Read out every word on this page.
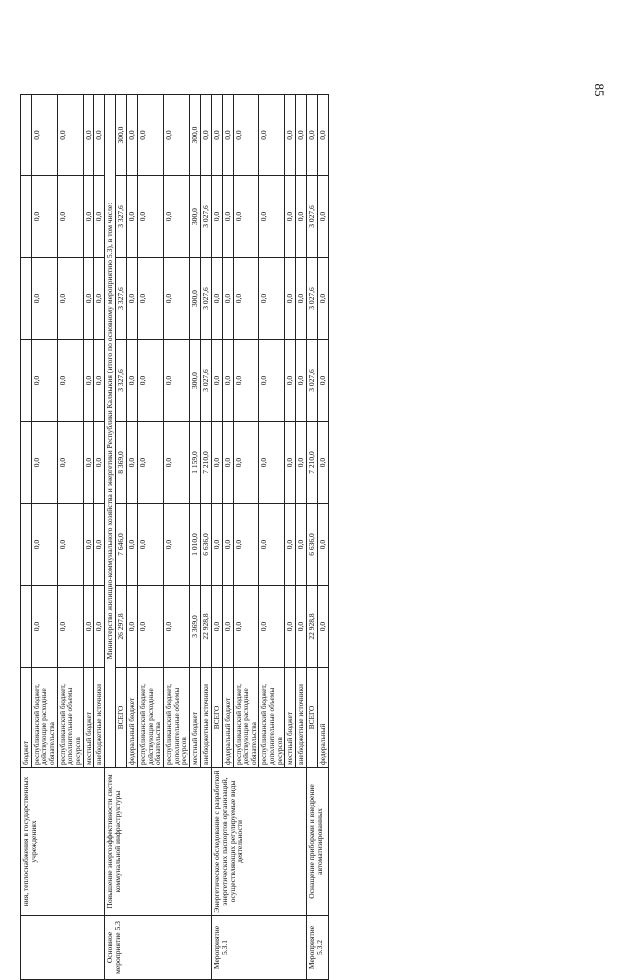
85
	ния, теплоснабжения в государственных учреждениях	бюджет							
		республиканский бюджет, действующие расходные обязательства	0,0	0,0	0,0	0,0	0,0	0,0	0,0
		республиканский бюджет, дополнительные объемы ресурсов	0,0	0,0	0,0	0,0	0,0	0,0	0,0
		местный бюджет	0,0	0,0	0,0	0,0	0,0	0,0	0,0
		внебюджетные источники	0,0	0,0	0,0	0,0	0,0	0,0	0,0
Основное мероприятие 5.3	Повышение энергоэффективности систем коммунальной инфраструктуры	Министерство жилищно-коммунального хозяйства и энергетики Республики Калмыкия (итого по основному мероприятию 5.3), в том числе:							
		ВСЕГО	26 297,8	7 646,0	8 369,0	3 327,6	3 327,6	3 327,6	300,0
		федеральный бюджет	0,0	0,0	0,0	0,0	0,0	0,0	0,0
		республиканский бюджет, действующие расходные обязательства	0,0	0,0	0,0	0,0	0,0	0,0	0,0
		республиканский бюджет, дополнительные объемы ресурсов	0,0	0,0	0,0	0,0	0,0	0,0	0,0
		местный бюджет	3 369,0	1 010,0	1 159,0	300,0	300,0	300,0	300,0
		внебюджетные источники	22 928,8	6 636,0	7 210,0	3 027,6	3 027,6	3 027,6	0,0
Мероприятие 5.3.1	Энергетическое обследование с разработкой энергетических паспортов организаций, осуществляющих регулируемые виды деятельности	ВСЕГО	0,0	0,0	0,0	0,0	0,0	0,0	0,0
		федеральный бюджет	0,0	0,0	0,0	0,0	0,0	0,0	0,0
		республиканский бюджет, действующие расходные обязательства	0,0	0,0	0,0	0,0	0,0	0,0	0,0
		республиканский бюджет, дополнительные объемы ресурсов	0,0	0,0	0,0	0,0	0,0	0,0	0,0
		местный бюджет	0,0	0,0	0,0	0,0	0,0	0,0	0,0
		внебюджетные источники	0,0	0,0	0,0	0,0	0,0	0,0	0,0
Мероприятие 5.3.2	Оснащение приборами и внедрение автоматизированных	ВСЕГО	22 928,8	6 636,0	7 210,0	3 027,6	3 027,6	3 027,6	0,0
		федеральный	0,0	0,0	0,0	0,0	0,0	0,0	0,0
